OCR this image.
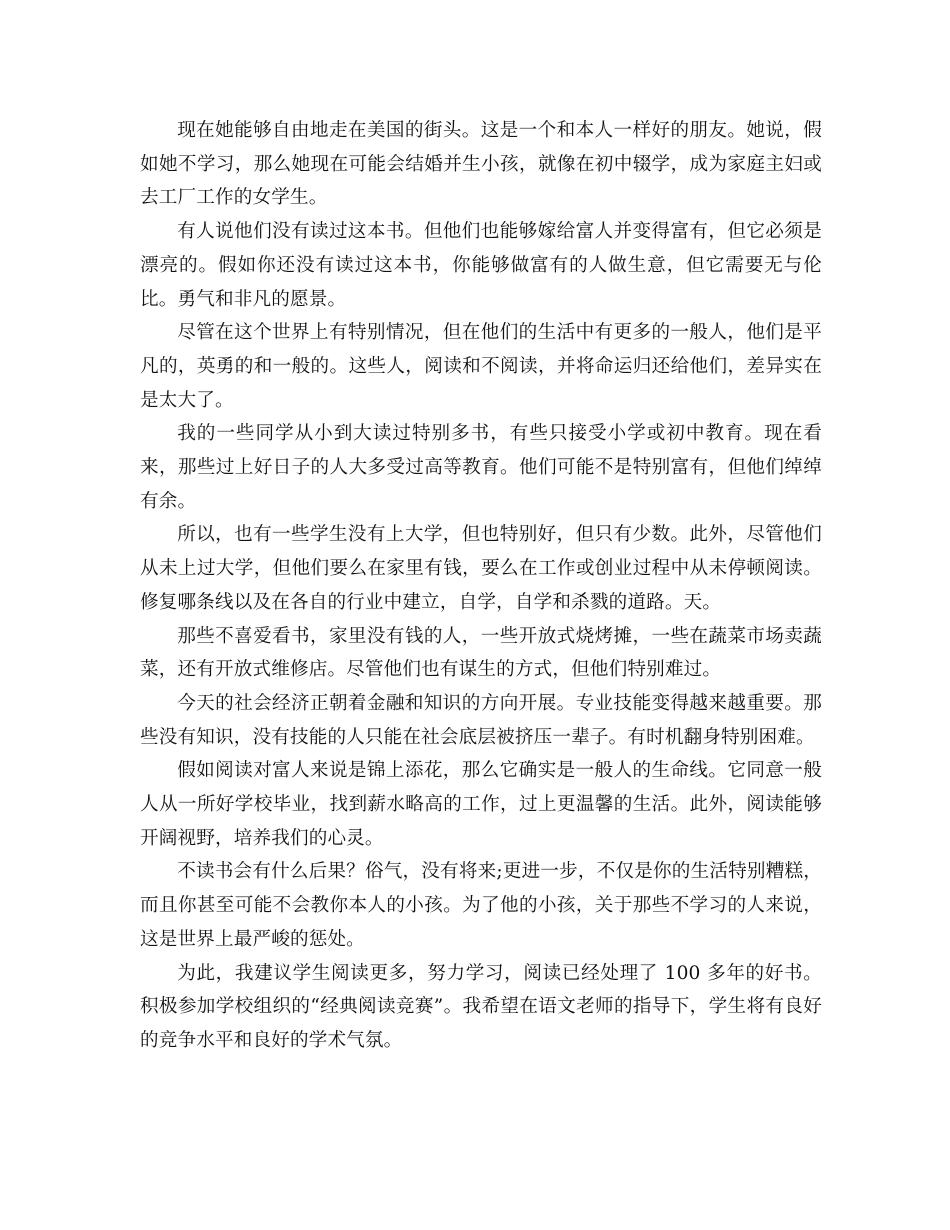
现在她能够自由地走在美国的街头。这是一个和本人一样好的朋友。她说，假如她不学习，那么她现在可能会结婚并生小孩，就像在初中辍学，成为家庭主妇或去工厂工作的女学生。

有人说他们没有读过这本书。但他们也能够嫁给富人并变得富有，但它必须是漂亮的。假如你还没有读过这本书，你能够做富有的人做生意，但它需要无与伦比。勇气和非凡的愿景。

尽管在这个世界上有特别情况，但在他们的生活中有更多的一般人，他们是平凡的，英勇的和一般的。这些人，阅读和不阅读，并将命运归还给他们，差异实在是太大了。

我的一些同学从小到大读过特别多书，有些只接受小学或初中教育。现在看来，那些过上好日子的人大多受过高等教育。他们可能不是特别富有，但他们绰绰有余。

所以，也有一些学生没有上大学，但也特别好，但只有少数。此外，尽管他们从未上过大学，但他们要么在家里有钱，要么在工作或创业过程中从未停顿阅读。修复哪条线以及在各自的行业中建立，自学，自学和杀戮的道路。天。

那些不喜爱看书，家里没有钱的人，一些开放式烧烤摊，一些在蔬菜市场卖蔬菜，还有开放式维修店。尽管他们也有谋生的方式，但他们特别难过。

今天的社会经济正朝着金融和知识的方向开展。专业技能变得越来越重要。那些没有知识，没有技能的人只能在社会底层被挤压一辈子。有时机翻身特别困难。

假如阅读对富人来说是锦上添花，那么它确实是一般人的生命线。它同意一般人从一所好学校毕业，找到薪水略高的工作，过上更温馨的生活。此外，阅读能够开阔视野，培养我们的心灵。

不读书会有什么后果？俗气，没有将来;更进一步，不仅是你的生活特别糟糕，而且你甚至可能不会教你本人的小孩。为了他的小孩，关于那些不学习的人来说，这是世界上最严峻的惩处。

为此，我建议学生阅读更多，努力学习，阅读已经处理了 100 多年的好书。积极参加学校组织的“经典阅读竞赛”。我希望在语文老师的指导下，学生将有良好的竞争水平和良好的学术气氛。
